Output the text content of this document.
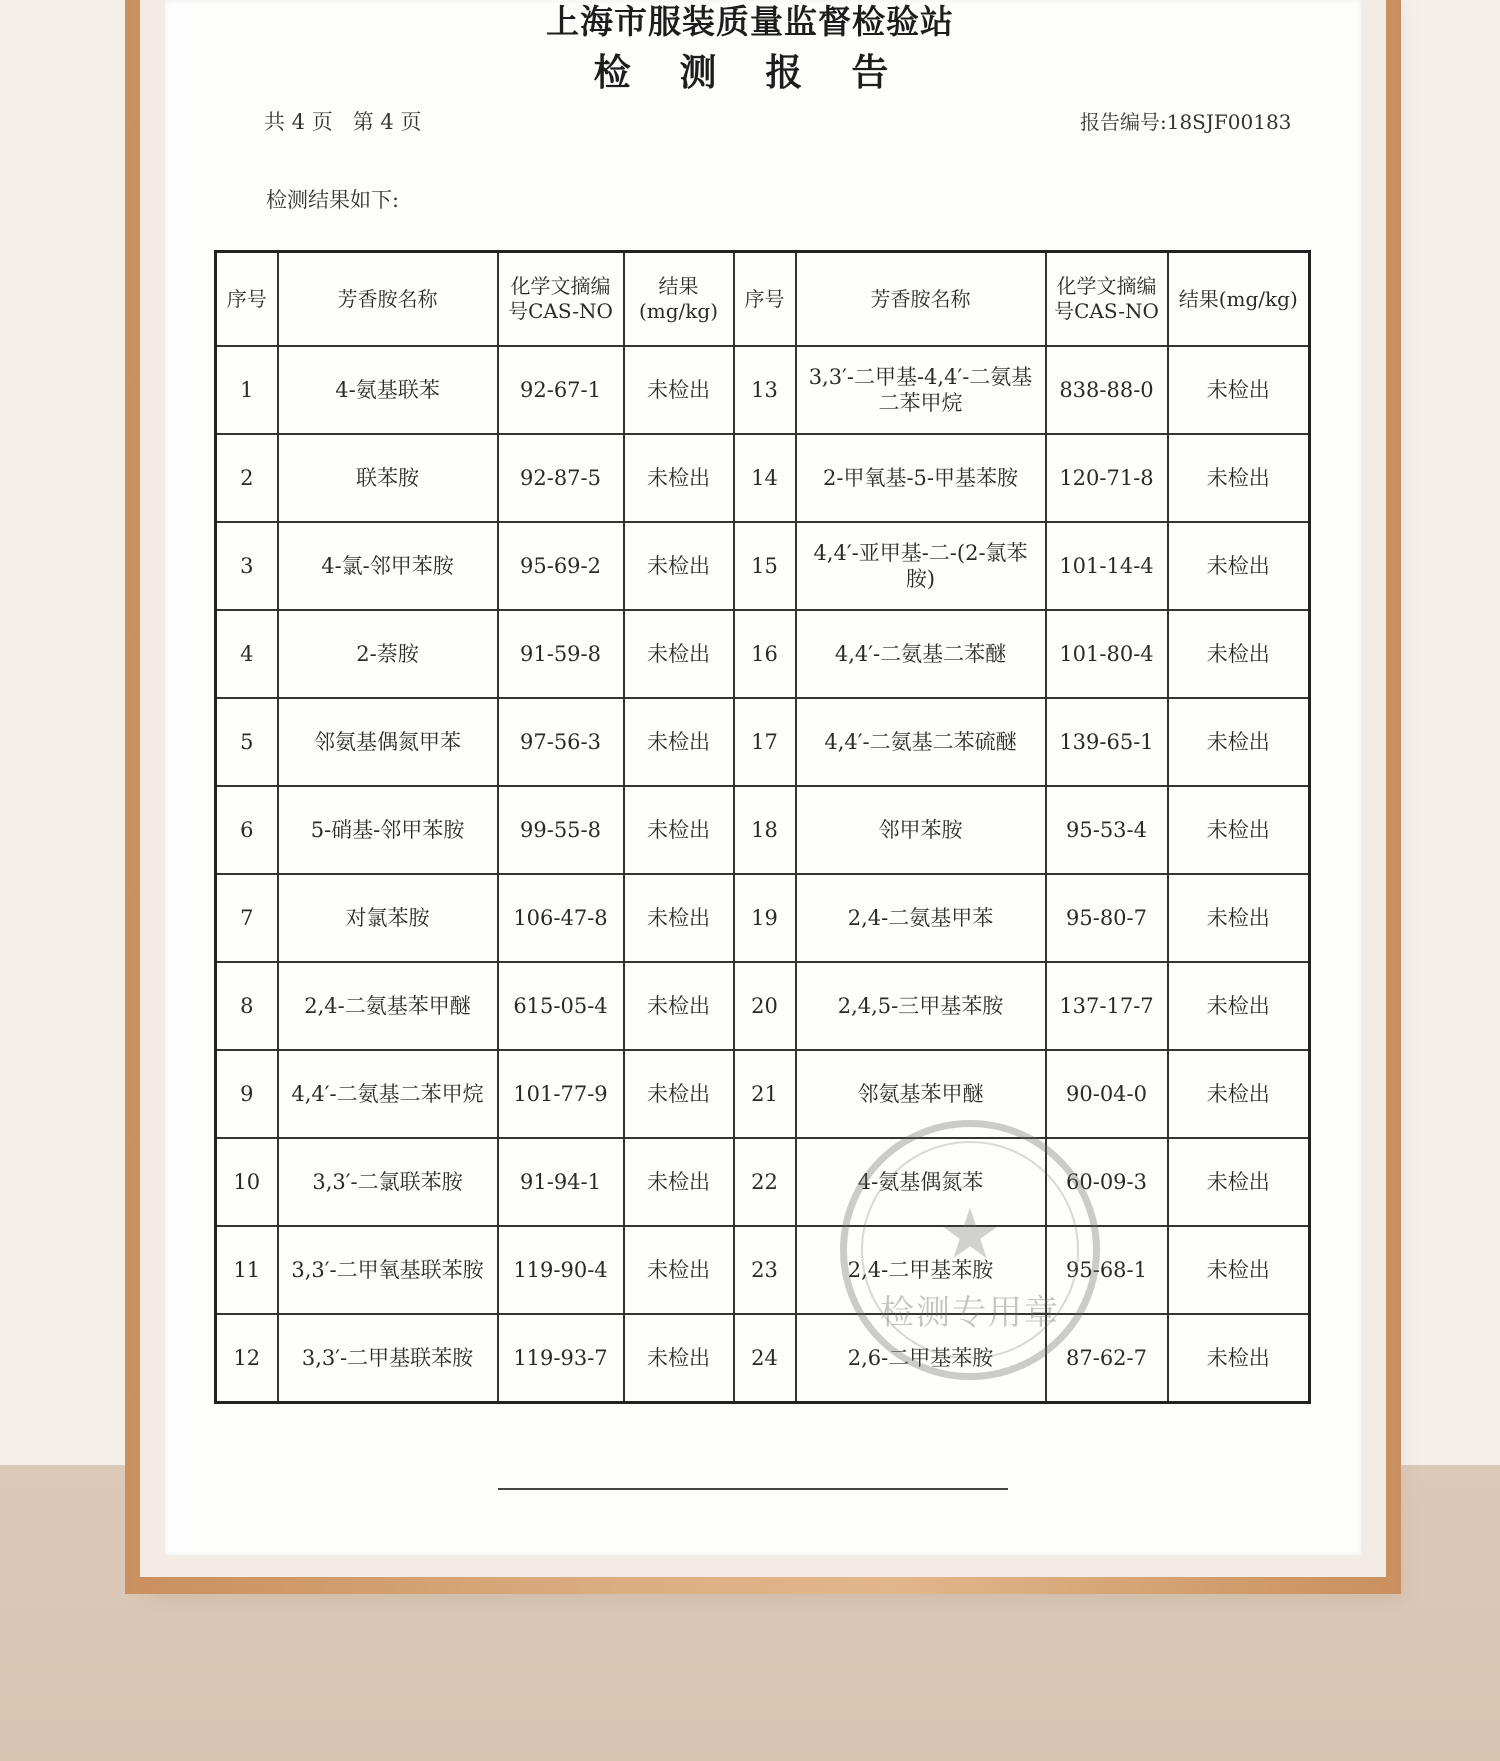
上海市服装质量监督检验站
检 测 报 告
共 4 页   第 4 页	报告编号:18SJF00183
检测结果如下:
序号	芳香胺名称	化学文摘编号CAS-NO	结果(mg/kg)	序号	芳香胺名称	化学文摘编号CAS-NO	结果(mg/kg)
1	4-氨基联苯	92-67-1	未检出	13	3,3′-二甲基-4,4′-二氨基二苯甲烷	838-88-0	未检出
2	联苯胺	92-87-5	未检出	14	2-甲氧基-5-甲基苯胺	120-71-8	未检出
3	4-氯-邻甲苯胺	95-69-2	未检出	15	4,4′-亚甲基-二-(2-氯苯胺)	101-14-4	未检出
4	2-萘胺	91-59-8	未检出	16	4,4′-二氨基二苯醚	101-80-4	未检出
5	邻氨基偶氮甲苯	97-56-3	未检出	17	4,4′-二氨基二苯硫醚	139-65-1	未检出
6	5-硝基-邻甲苯胺	99-55-8	未检出	18	邻甲苯胺	95-53-4	未检出
7	对氯苯胺	106-47-8	未检出	19	2,4-二氨基甲苯	95-80-7	未检出
8	2,4-二氨基苯甲醚	615-05-4	未检出	20	2,4,5-三甲基苯胺	137-17-7	未检出
9	4,4′-二氨基二苯甲烷	101-77-9	未检出	21	邻氨基苯甲醚	90-04-0	未检出
10	3,3′-二氯联苯胺	91-94-1	未检出	22	4-氨基偶氮苯	60-09-3	未检出
11	3,3′-二甲氧基联苯胺	119-90-4	未检出	23	2,4-二甲基苯胺	95-68-1	未检出
12	3,3′-二甲基联苯胺	119-93-7	未检出	24	2,6-二甲基苯胺	87-62-7	未检出
★
检测专用章
